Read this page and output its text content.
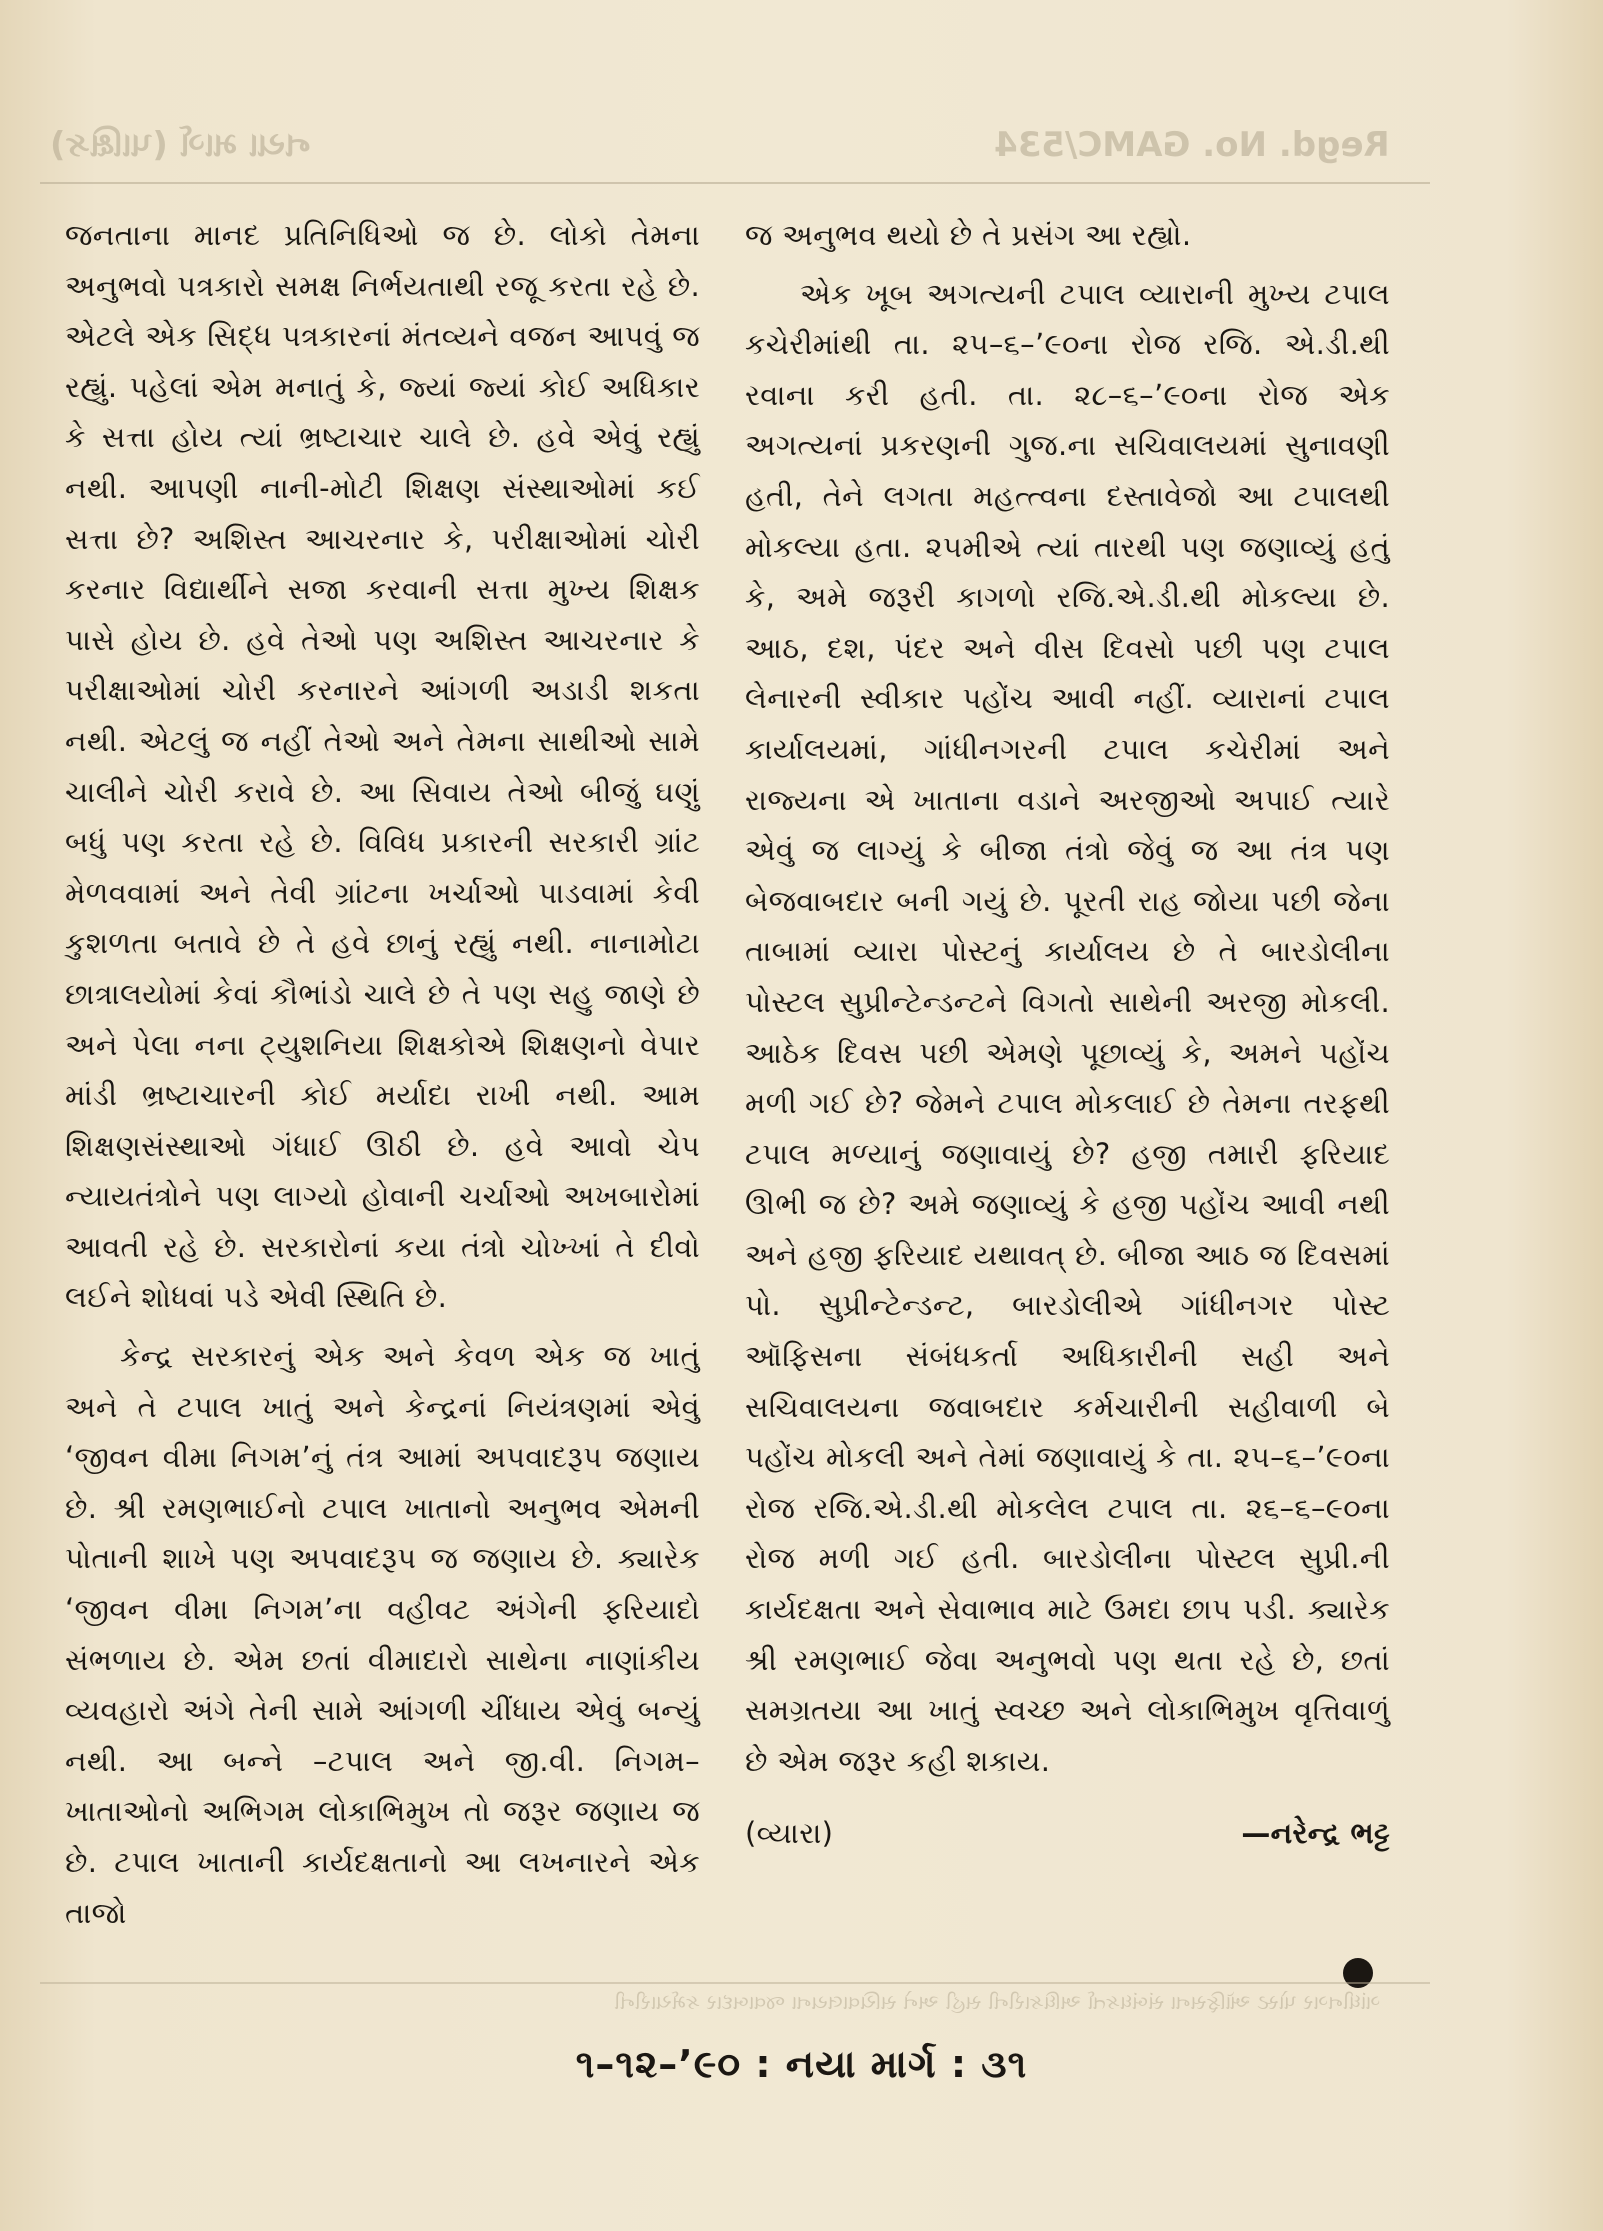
નયા માર્ગ (પાક્ષિક)	Regd. No. GAMC/534

જનતાના માનદ પ્રતિનિધિઓ જ છે. લોકો તેમના અનુભવો પત્રકારો સમક્ષ નિર્ભયતાથી રજૂ કરતા રહે છે. એટલે એક સિદ્ધ પત્રકારનાં મંતવ્યને વજન આપવું જ રહ્યું. પહેલાં એમ મનાતું કે, જ્યાં જ્યાં કોઈ અધિકાર કે સત્તા હોય ત્યાં ભ્રષ્ટાચાર ચાલે છે. હવે એવું રહ્યું નથી. આપણી નાની-મોટી શિક્ષણ સંસ્થાઓમાં કઈ સત્તા છે? અશિસ્ત આચરનાર કે, પરીક્ષાઓમાં ચોરી કરનાર વિદ્યાર્થીને સજા કરવાની સત્તા મુખ્ય શિક્ષક પાસે હોય છે. હવે તેઓ પણ અશિસ્ત આચરનાર કે પરીક્ષાઓમાં ચોરી કરનારને આંગળી અડાડી શકતા નથી. એટલું જ નહીં તેઓ અને તેમના સાથીઓ સામે ચાલીને ચોરી કરાવે છે. આ સિવાય તેઓ બીજું ઘણું બધું પણ કરતા રહે છે. વિવિધ પ્રકારની સરકારી ગ્રાંટ મેળવવામાં અને તેવી ગ્રાંટના ખર્ચાઓ પાડવામાં કેવી કુશળતા બતાવે છે તે હવે છાનું રહ્યું નથી. નાનામોટા છાત્રાલયોમાં કેવાં કૌભાંડો ચાલે છે તે પણ સહુ જાણે છે અને પેલા નના ટ્યુશનિયા શિક્ષકોએ શિક્ષણનો વેપાર માંડી ભ્રષ્ટાચારની કોઈ મર્યાદા રાખી નથી. આમ શિક્ષણસંસ્થાઓ ગંધાઈ ઊઠી છે. હવે આવો ચેપ ન્યાયતંત્રોને પણ લાગ્યો હોવાની ચર્ચાઓ અખબારોમાં આવતી રહે છે. સરકારોનાં કયા તંત્રો ચોખ્ખાં તે દીવો લઈને શોધવાં પડે એવી સ્થિતિ છે.

કેન્દ્ર સરકારનું એક અને કેવળ એક જ ખાતું અને તે ટપાલ ખાતું અને કેન્દ્રનાં નિયંત્રણમાં એવું ‘જીવન વીમા નિગમ’નું તંત્ર આમાં અપવાદરૂપ જણાય છે. શ્રી રમણભાઈનો ટપાલ ખાતાનો અનુભવ એમની પોતાની શાખે પણ અપવાદરૂપ જ જણાય છે. ક્યારેક ‘જીવન વીમા નિગમ’ના વહીવટ અંગેની ફરિયાદો સંભળાય છે. એમ છતાં વીમાદારો સાથેના નાણાંકીય વ્યવહારો અંગે તેની સામે આંગળી ચીંધાય એવું બન્યું નથી. આ બન્ને –ટપાલ અને જી.વી. નિગમ–ખાતાઓનો અભિગમ લોકાભિમુખ તો જરૂર જણાય જ છે. ટપાલ ખાતાની કાર્યદક્ષતાનો આ લખનારને એક તાજો

જ અનુભવ થયો છે તે પ્રસંગ આ રહ્યો.

એક ખૂબ અગત્યની ટપાલ વ્યારાની મુખ્ય ટપાલ કચેરીમાંથી તા. ૨૫–૬–’૯૦ના રોજ રજિ. એ.ડી.થી રવાના કરી હતી. તા. ૨૮–૬–’૯૦ના રોજ એક અગત્યનાં પ્રકરણની ગુજ.ના સચિવાલયમાં સુનાવણી હતી, તેને લગતા મહત્ત્વના દસ્તાવેજો આ ટપાલથી મોકલ્યા હતા. ૨૫મીએ ત્યાં તારથી પણ જણાવ્યું હતું કે, અમે જરૂરી કાગળો રજિ.એ.ડી.થી મોકલ્યા છે. આઠ, દશ, પંદર અને વીસ દિવસો પછી પણ ટપાલ લેનારની સ્વીકાર પહોંચ આવી નહીં. વ્યારાનાં ટપાલ કાર્યાલયમાં, ગાંધીનગરની ટપાલ કચેરીમાં અને રાજ્યના એ ખાતાના વડાને અરજીઓ અપાઈ ત્યારે એવું જ લાગ્યું કે બીજા તંત્રો જેવું જ આ તંત્ર પણ બેજવાબદાર બની ગયું છે. પૂરતી રાહ જોયા પછી જેના તાબામાં વ્યારા પોસ્ટનું કાર્યાલય છે તે બારડોલીના પોસ્ટલ સુપ્રીન્ટેન્ડન્ટને વિગતો સાથેની અરજી મોકલી. આઠેક દિવસ પછી એમણે પૂછાવ્યું કે, અમને પહોંચ મળી ગઈ છે? જેમને ટપાલ મોકલાઈ છે તેમના તરફથી ટપાલ મળ્યાનું જણાવાયું છે? હજી તમારી ફરિયાદ ઊભી જ છે? અમે જણાવ્યું કે હજી પહોંચ આવી નથી અને હજી ફરિયાદ યથાવત્ છે. બીજા આઠ જ દિવસમાં પો. સુપ્રીન્ટેન્ડન્ટ, બારડોલીએ ગાંધીનગર પોસ્ટ ઑફિસના સંબંધકર્તા અધિકારીની સહી અને સચિવાલયના જવાબદાર કર્મચારીની સહીવાળી બે પહોંચ મોકલી અને તેમાં જણાવાયું કે તા. ૨૫–૬–’૯૦ના રોજ રજિ.એ.ડી.થી મોકલેલ ટપાલ તા. ૨૬–૬–૯૦ના રોજ મળી ગઈ હતી. બારડોલીના પોસ્ટલ સુપ્રી.ની કાર્યદક્ષતા અને સેવાભાવ માટે ઉમદા છાપ પડી. ક્યારેક શ્રી રમણભાઈ જેવા અનુભવો પણ થતા રહે છે, છતાં સમગ્રતયા આ ખાતું સ્વચ્છ અને લોકાભિમુખ વૃત્તિવાળું છે એમ જરૂર કહી શકાય.

(વ્યારા)	—નરેન્દ્ર ભટ્ટ
ગાંધીનગર પોસ્ટ ઑફિસના સંબંધકર્તા અધિકારીની સહી અને સચિવાલયના જવાબદાર કર્મચારીની
૧–૧૨–’૯૦ : નયા માર્ગ : ૩૧
